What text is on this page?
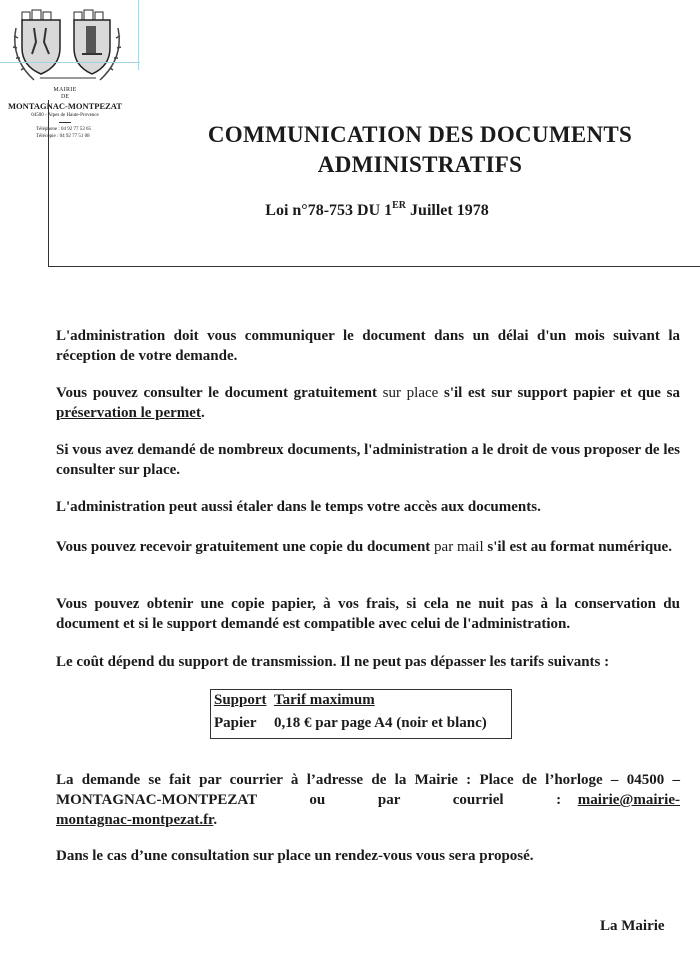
MAIRIE
DE
MONTAGNAC-MONTPEZAT
04500 - Alpes de Haute-Provence
Téléphone : 04 92 77 53 65
Télécopie : 04 92 77 51 08	COMMUNICATION DES DOCUMENTS
ADMINISTRATIFS
Loi n°78-753 DU 1ER Juillet 1978

L'administration doit vous communiquer le document dans un délai d'un mois suivant la réception de votre demande.

Vous pouvez consulter le document gratuitement sur place s'il est sur support papier et que sa préservation le permet.

Si vous avez demandé de nombreux documents, l'administration a le droit de vous proposer de les consulter sur place.

L'administration peut aussi étaler dans le temps votre accès aux documents.

Vous pouvez recevoir gratuitement une copie du document par mail s'il est au format numérique.

Vous pouvez obtenir une copie papier, à vos frais, si cela ne nuit pas à la conservation du document et si le support demandé est compatible avec celui de l'administration.

Le coût dépend du support de transmission. Il ne peut pas dépasser les tarifs suivants :

Support Tarif maximum
Papier 0,18 € par page A4 (noir et blanc)

La demande se fait par courrier à l’adresse de la Mairie : Place de l’horloge – 04500 – MONTAGNAC-MONTPEZAT ou par courriel : mairie@mairie-montagnac-montpezat.fr.

Dans le cas d’une consultation sur place un rendez-vous vous sera proposé.

La Mairie
